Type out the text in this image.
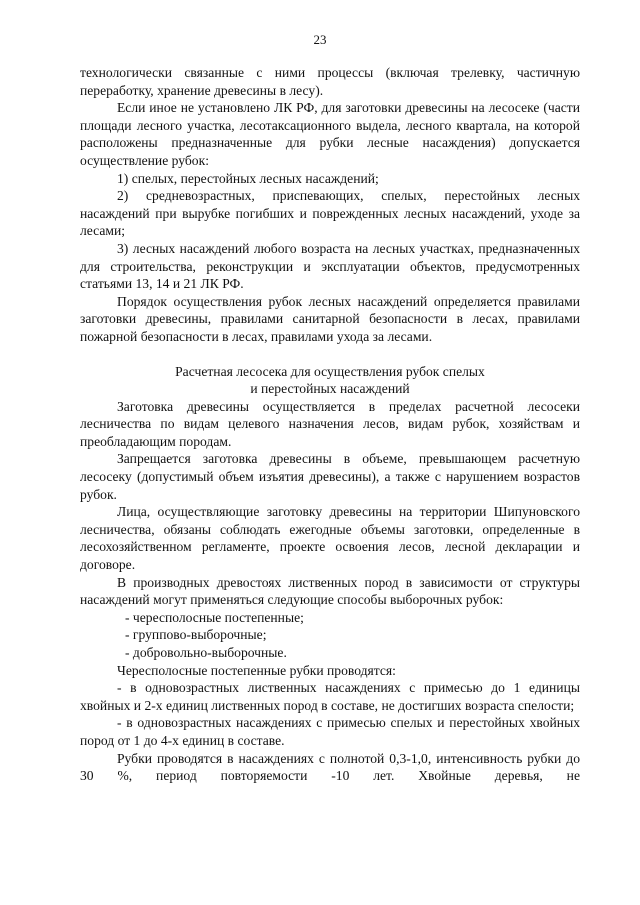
23

технологически связанные с ними процессы (включая трелевку, частичную переработку, хранение древесины в лесу).

Если иное не установлено ЛК РФ, для заготовки древесины на лесосеке (части площади лесного участка, лесотаксационного выдела, лесного квартала, на которой расположены предназначенные для рубки лесные насаждения) допускается осуществление рубок:

1) спелых, перестойных лесных насаждений;

2) средневозрастных, приспевающих, спелых, перестойных лесных насаждений при вырубке погибших и поврежденных лесных насаждений, уходе за лесами;

3) лесных насаждений любого возраста на лесных участках, предназначенных для строительства, реконструкции и эксплуатации объектов, предусмотренных статьями 13, 14 и 21 ЛК РФ.

Порядок осуществления рубок лесных насаждений определяется правилами заготовки древесины, правилами санитарной безопасности в лесах, правилами пожарной безопасности в лесах, правилами ухода за лесами.

Расчетная лесосека для осуществления рубок спелых
и перестойных насаждений

Заготовка древесины осуществляется в пределах расчетной лесосеки лесничества по видам целевого назначения лесов, видам рубок, хозяйствам и преобладающим породам.

Запрещается заготовка древесины в объеме, превышающем расчетную лесосеку (допустимый объем изъятия древесины), а также с нарушением возрастов рубок.

Лица, осуществляющие заготовку древесины на территории Шипуновского лесничества, обязаны соблюдать ежегодные объемы заготовки, определенные в лесохозяйственном регламенте, проекте освоения лесов, лесной декларации и договоре.

В производных древостоях лиственных пород в зависимости от структуры насаждений могут применяться следующие способы выборочных рубок:

- чересполосные постепенные;

- группово-выборочные;

- добровольно-выборочные.

Чересполосные постепенные рубки проводятся:

- в одновозрастных лиственных насаждениях с примесью до 1 единицы хвойных и 2-х единиц лиственных пород в составе, не достигших возраста спелости;

- в одновозрастных насаждениях с примесью спелых и перестойных хвойных пород от 1 до 4-х единиц в составе.

Рубки проводятся в насаждениях с полнотой 0,3-1,0, интенсивность рубки до 30 %, период повторяемости -10 лет. Хвойные деревья, не
